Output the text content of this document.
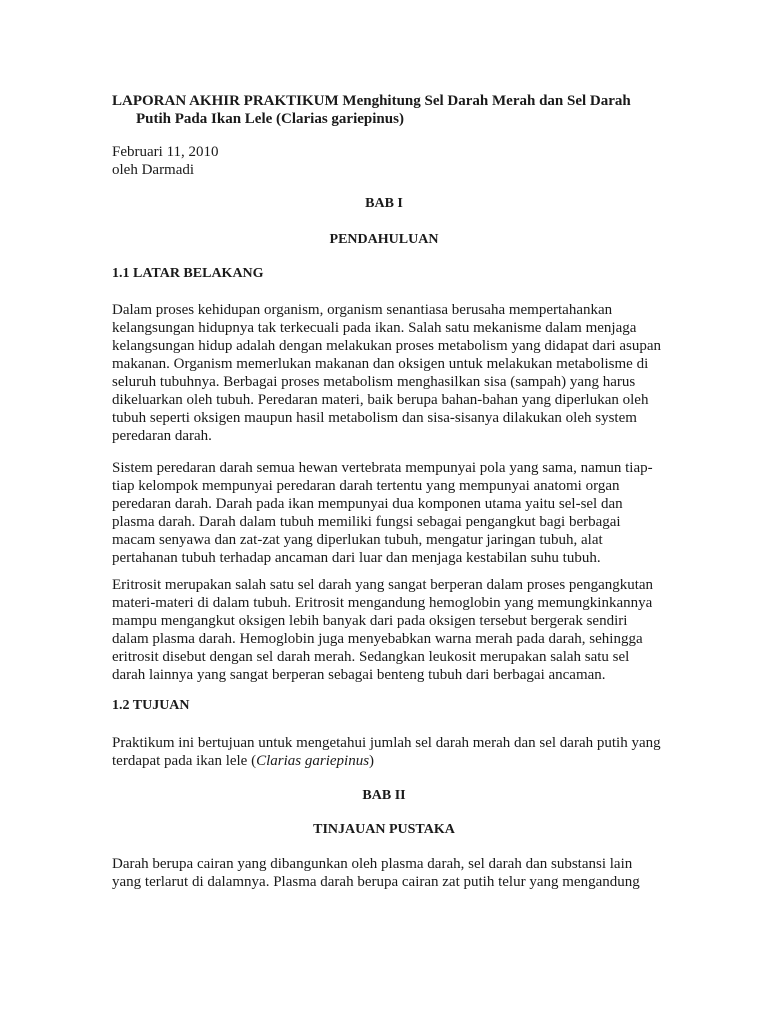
LAPORAN AKHIR PRAKTIKUM Menghitung Sel Darah Merah dan Sel Darah
Putih Pada Ikan Lele (Clarias gariepinus)
Februari 11, 2010
oleh Darmadi
BAB I
PENDAHULUAN
1.1 LATAR BELAKANG
Dalam proses kehidupan organism, organism senantiasa berusaha mempertahankan
kelangsungan hidupnya tak terkecuali pada ikan. Salah satu mekanisme dalam menjaga
kelangsungan hidup adalah dengan melakukan proses metabolism yang didapat dari asupan
makanan. Organism memerlukan makanan dan oksigen untuk melakukan metabolisme di
seluruh tubuhnya. Berbagai proses metabolism menghasilkan sisa (sampah) yang harus
dikeluarkan oleh tubuh. Peredaran materi, baik berupa bahan-bahan yang diperlukan oleh
tubuh seperti oksigen maupun hasil metabolism dan sisa-sisanya dilakukan oleh system
peredaran darah.
Sistem peredaran darah semua hewan vertebrata mempunyai pola yang sama, namun tiap-
tiap kelompok mempunyai peredaran darah tertentu yang mempunyai anatomi organ
peredaran darah. Darah pada ikan mempunyai dua komponen utama yaitu sel-sel dan
plasma darah. Darah dalam tubuh memiliki fungsi sebagai pengangkut bagi berbagai
macam senyawa dan zat-zat yang diperlukan tubuh, mengatur jaringan tubuh, alat
pertahanan tubuh terhadap ancaman dari luar dan menjaga kestabilan suhu tubuh.
Eritrosit merupakan salah satu sel darah yang sangat berperan dalam proses pengangkutan
materi-materi di dalam tubuh. Eritrosit mengandung hemoglobin yang memungkinkannya
mampu mengangkut oksigen lebih banyak dari pada oksigen tersebut bergerak sendiri
dalam plasma darah. Hemoglobin juga menyebabkan warna merah pada darah, sehingga
eritrosit disebut dengan sel darah merah. Sedangkan leukosit merupakan salah satu sel
darah lainnya yang sangat berperan sebagai benteng tubuh dari berbagai ancaman.
1.2 TUJUAN
Praktikum ini bertujuan untuk mengetahui jumlah sel darah merah dan sel darah putih yang
terdapat pada ikan lele (Clarias gariepinus)
BAB II
TINJAUAN PUSTAKA
Darah berupa cairan yang dibangunkan oleh plasma darah, sel darah dan substansi lain
yang terlarut di dalamnya. Plasma darah berupa cairan zat putih telur yang mengandung
